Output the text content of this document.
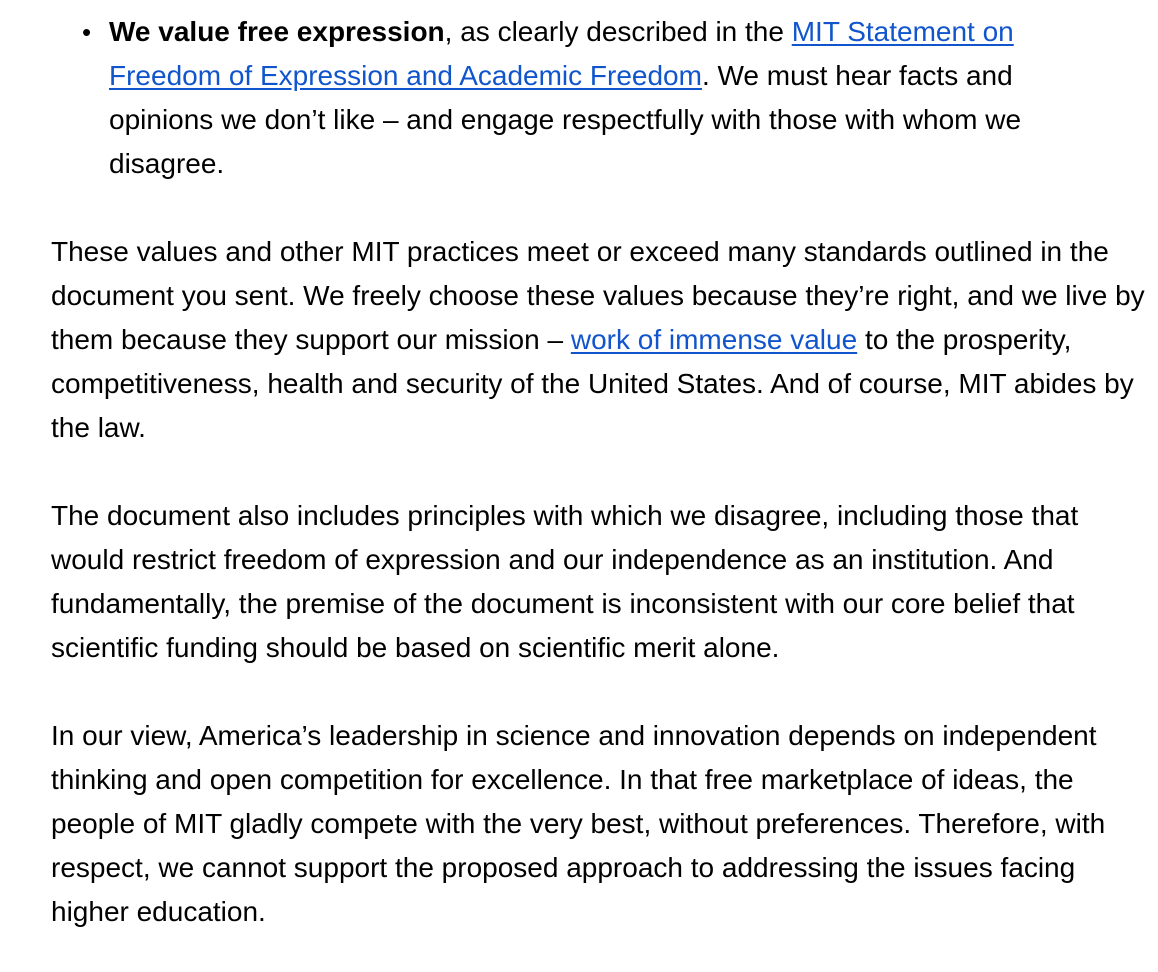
• We value free expression, as clearly described in the MIT Statement on Freedom of Expression and Academic Freedom. We must hear facts and opinions we don’t like – and engage respectfully with those with whom we disagree.

These values and other MIT practices meet or exceed many standards outlined in the document you sent. We freely choose these values because they’re right, and we live by them because they support our mission – work of immense value to the prosperity, competitiveness, health and security of the United States. And of course, MIT abides by the law.

The document also includes principles with which we disagree, including those that would restrict freedom of expression and our independence as an institution. And fundamentally, the premise of the document is inconsistent with our core belief that scientific funding should be based on scientific merit alone.

In our view, America’s leadership in science and innovation depends on independent thinking and open competition for excellence. In that free marketplace of ideas, the people of MIT gladly compete with the very best, without preferences. Therefore, with respect, we cannot support the proposed approach to addressing the issues facing higher education.
